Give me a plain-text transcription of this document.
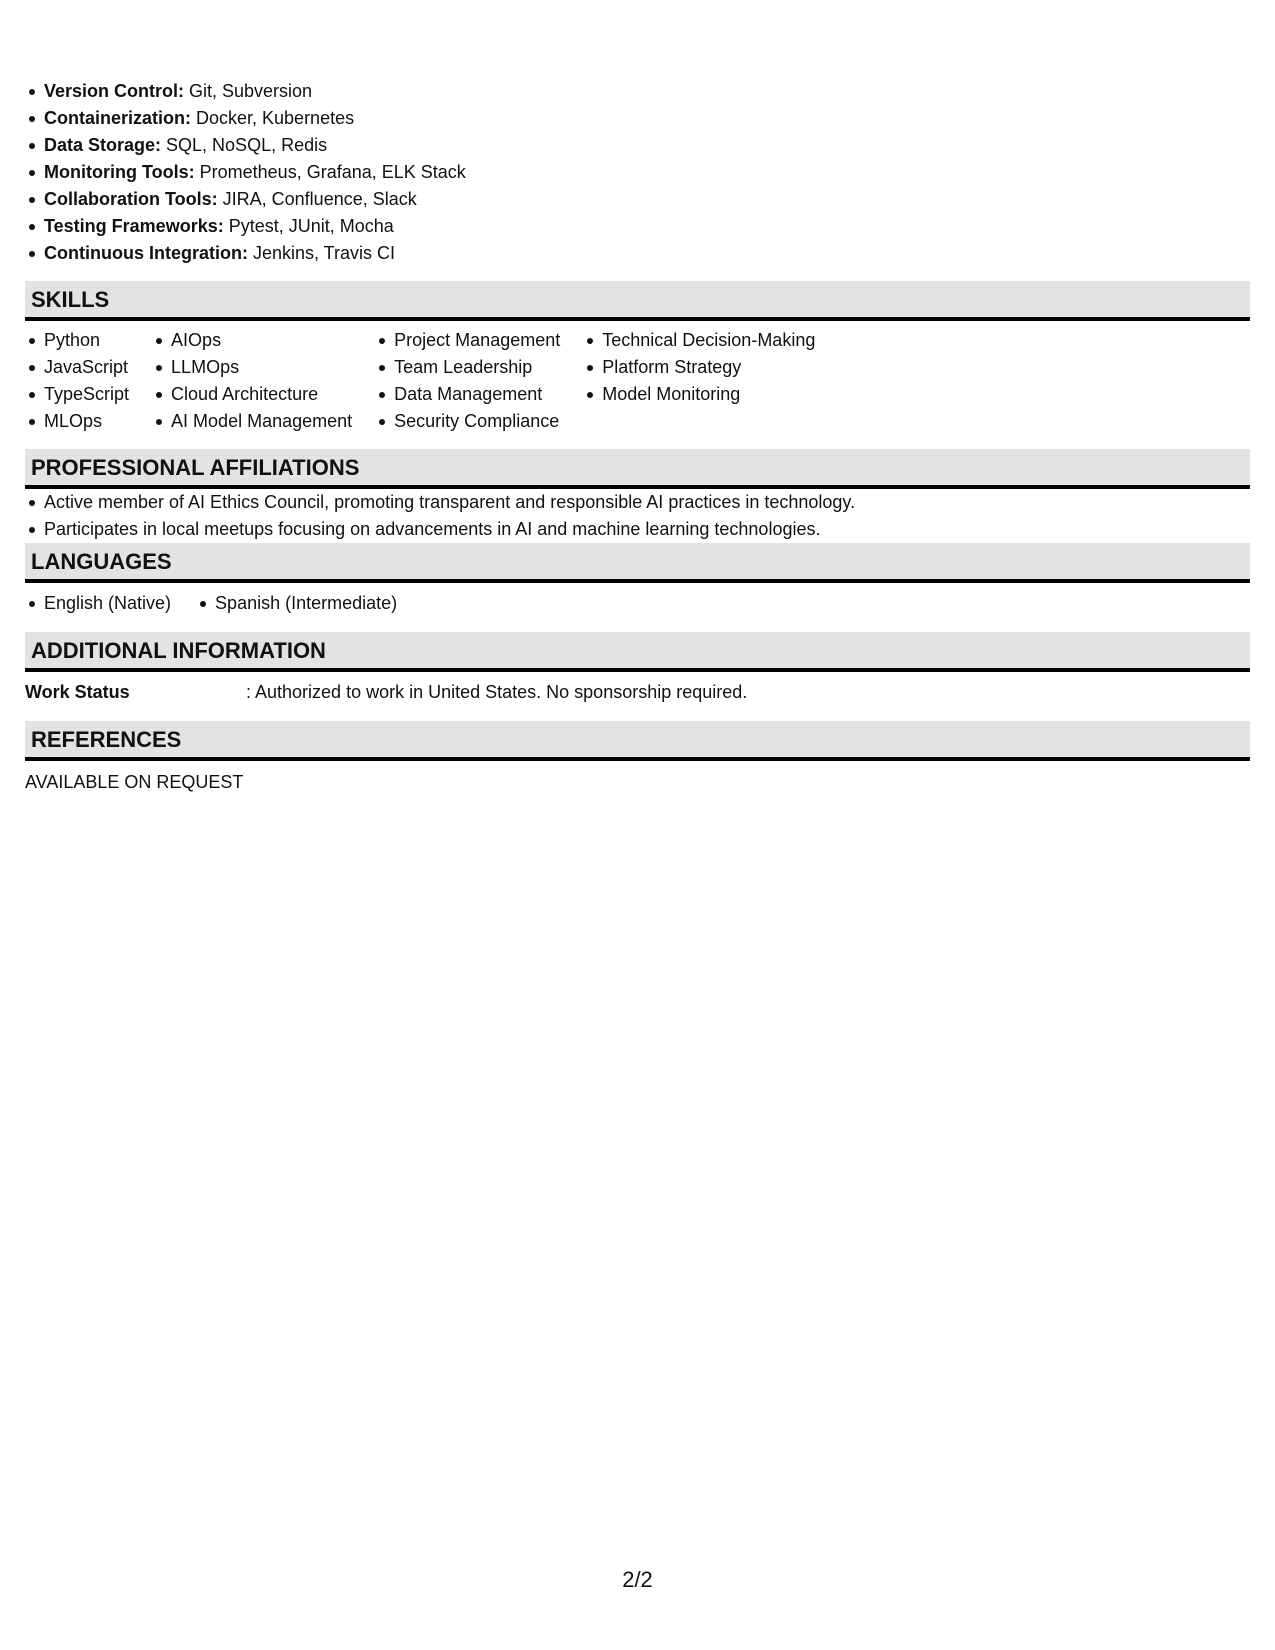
Version Control: Git, Subversion
Containerization: Docker, Kubernetes
Data Storage: SQL, NoSQL, Redis
Monitoring Tools: Prometheus, Grafana, ELK Stack
Collaboration Tools: JIRA, Confluence, Slack
Testing Frameworks: Pytest, JUnit, Mocha
Continuous Integration: Jenkins, Travis CI
SKILLS
Python
JavaScript
TypeScript
MLOps
AIOps
LLMOps
Cloud Architecture
AI Model Management
Project Management
Team Leadership
Data Management
Security Compliance
Technical Decision-Making
Platform Strategy
Model Monitoring
PROFESSIONAL AFFILIATIONS
Active member of AI Ethics Council, promoting transparent and responsible AI practices in technology.
Participates in local meetups focusing on advancements in AI and machine learning technologies.
LANGUAGES
English (Native) Spanish (Intermediate)
ADDITIONAL INFORMATION
Work Status	: Authorized to work in United States. No sponsorship required.
REFERENCES
AVAILABLE ON REQUEST
2/2
